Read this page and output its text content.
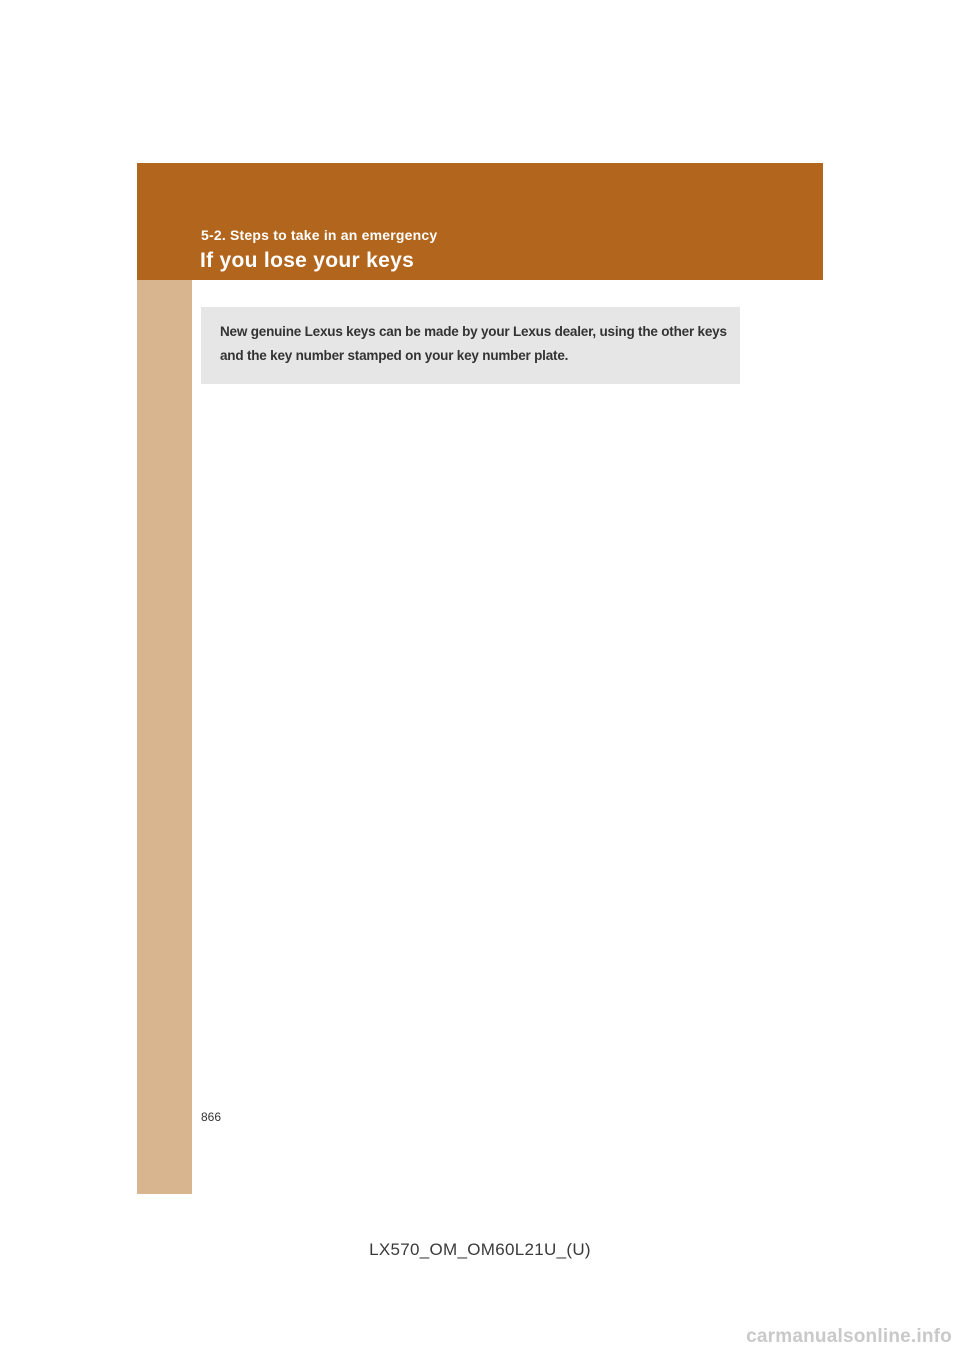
5-2. Steps to take in an emergency

If you lose your keys

New genuine Lexus keys can be made by your Lexus dealer, using the other keys and the key number stamped on your key number plate.

866

LX570_OM_OM60L21U_(U)

carmanualsonline.info
